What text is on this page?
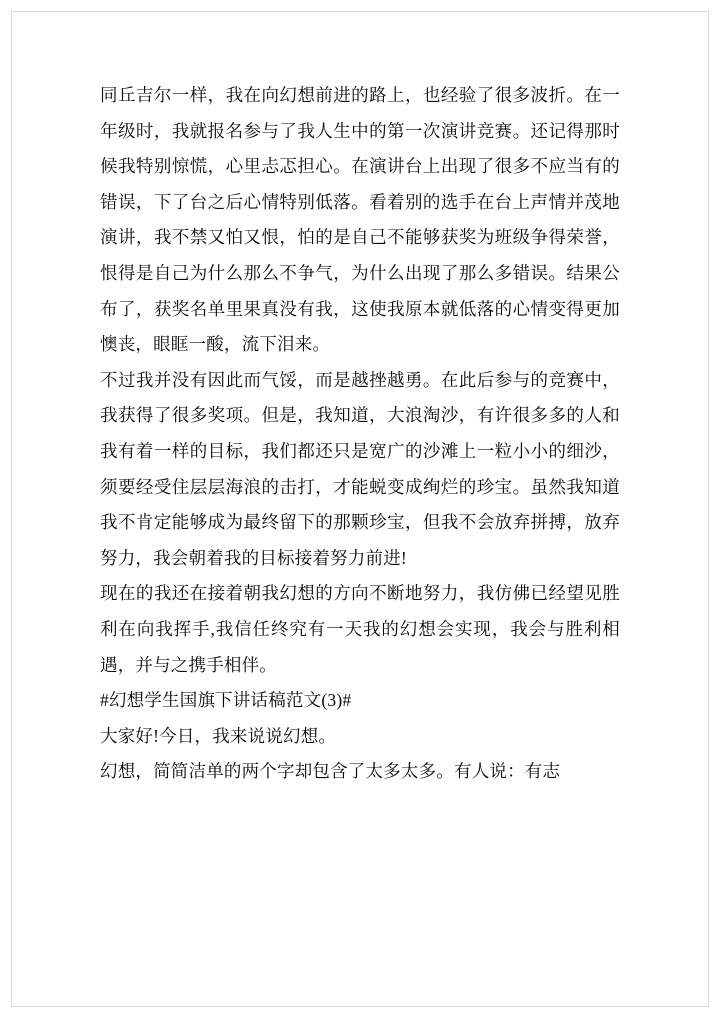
同丘吉尔一样，我在向幻想前进的路上，也经验了很多波折。在一年级时，我就报名参与了我人生中的第一次演讲竞赛。还记得那时候我特别惊慌，心里忐忑担心。在演讲台上出现了很多不应当有的错误，下了台之后心情特别低落。看着别的选手在台上声情并茂地演讲，我不禁又怕又恨，怕的是自己不能够获奖为班级争得荣誉，恨得是自己为什么那么不争气，为什么出现了那么多错误。结果公布了，获奖名单里果真没有我，这使我原本就低落的心情变得更加懊丧，眼眶一酸，流下泪来。

不过我并没有因此而气馁，而是越挫越勇。在此后参与的竞赛中，我获得了很多奖项。但是，我知道，大浪淘沙，有许很多多的人和我有着一样的目标，我们都还只是宽广的沙滩上一粒小小的细沙，须要经受住层层海浪的击打，才能蜕变成绚烂的珍宝。虽然我知道我不肯定能够成为最终留下的那颗珍宝，但我不会放弃拼搏，放弃努力，我会朝着我的目标接着努力前进!

现在的我还在接着朝我幻想的方向不断地努力，我仿佛已经望见胜利在向我挥手,我信任终究有一天我的幻想会实现，我会与胜利相遇，并与之携手相伴。

#幻想学生国旗下讲话稿范文(3)#

大家好!今日，我来说说幻想。

幻想，简简洁单的两个字却包含了太多太多。有人说：有志
